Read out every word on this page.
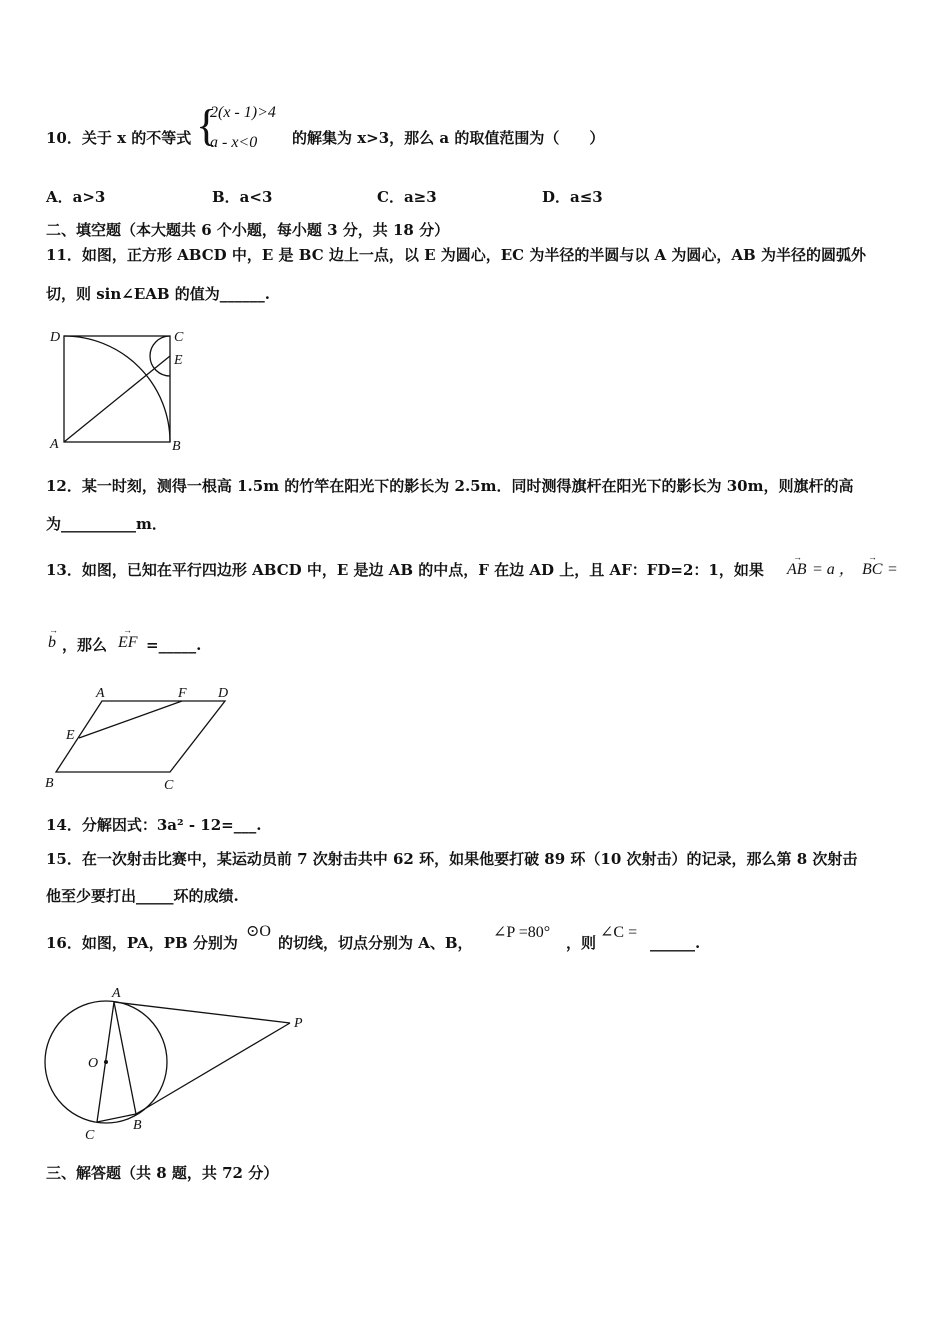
10．关于 x 的不等式 {
2(x - 1)>4
a - x<0 的解集为 x>3，那么 a 的取值范围为（　　）
A．a>3	B．a<3	C．a≥3	D．a≤3
二、填空题（本大题共 6 个小题，每小题 3 分，共 18 分）
11．如图，正方形 ABCD 中，E 是 BC 边上一点，以 E 为圆心，EC 为半径的半圆与以 A 为圆心，AB 为半径的圆弧外
切，则 sin∠EAB 的值为______.
D	C
E
A	B
12．某一时刻，测得一根高 1.5m 的竹竿在阳光下的影长为 2.5m．同时测得旗杆在阳光下的影长为 30m，则旗杆的高
为__________m．
13．如图，已知在平行四边形 ABCD 中，E 是边 AB 的中点，F 在边 AD 上，且 AF：FD=2：1，如果
→
AB = a ，
→
BC =
→
b ，那么
→
EF =_____.
A	F D
E
B	C
14．分解因式：3a² - 12=___.
15．在一次射击比赛中，某运动员前 7 次射击共中 62 环，如果他要打破 89 环（10 次射击）的记录，那么第 8 次射击
他至少要打出_____环的成绩.
16．如图，PA，PB 分别为
⊙O
的切线，切点分别为 A、B，
∠P =80°
，则
∠C =
______.
A
P
O
C
B
三、解答题（共 8 题，共 72 分）
